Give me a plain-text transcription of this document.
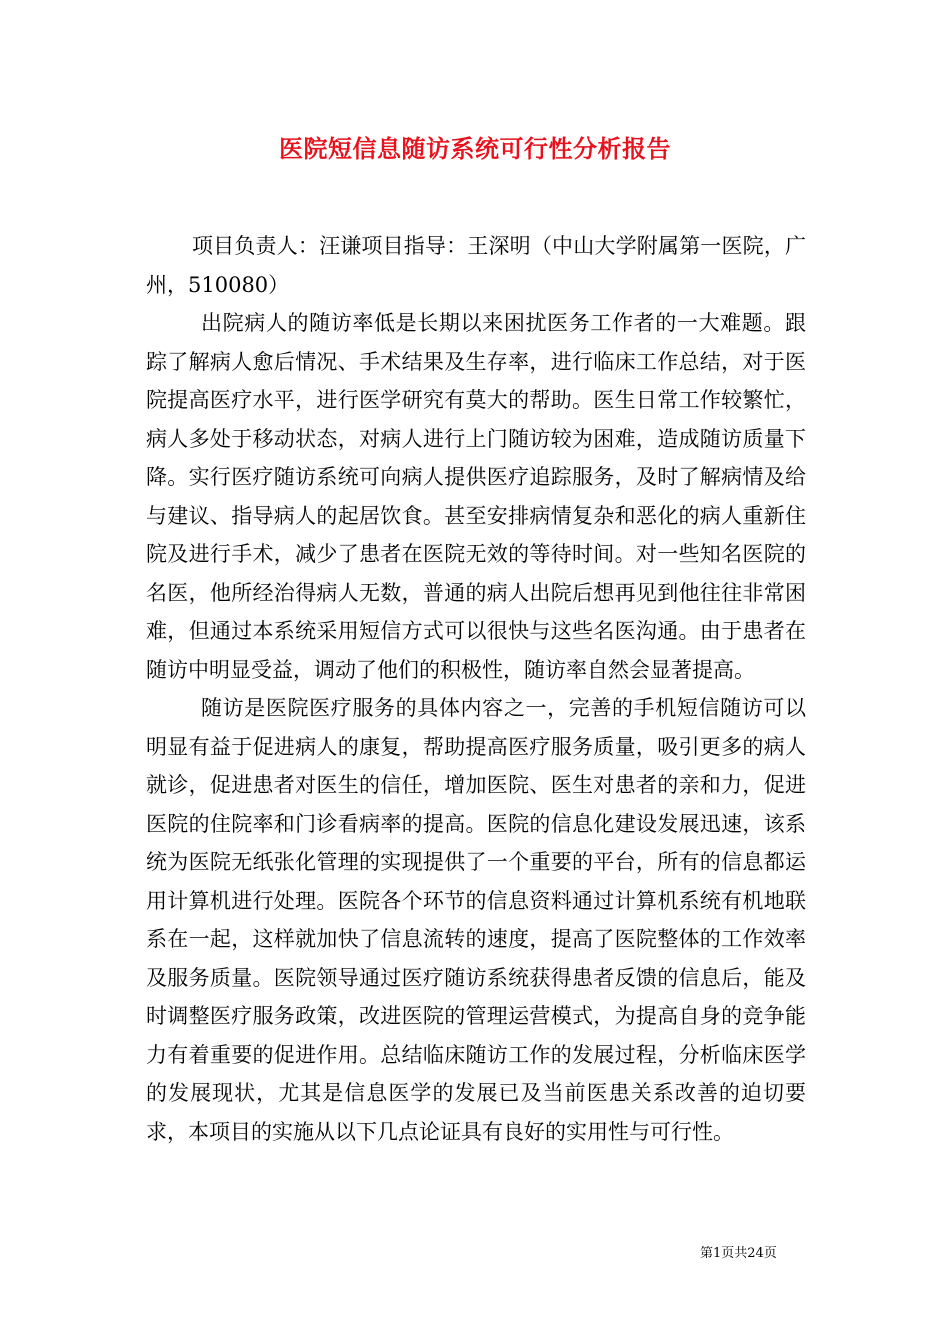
医院短信息随访系统可行性分析报告

项目负责人：汪谦项目指导：王深明（中山大学附属第一医院，广州，510080）

出院病人的随访率低是长期以来困扰医务工作者的一大难题。跟踪了解病人愈后情况、手术结果及生存率，进行临床工作总结，对于医院提高医疗水平，进行医学研究有莫大的帮助。医生日常工作较繁忙，病人多处于移动状态，对病人进行上门随访较为困难，造成随访质量下降。实行医疗随访系统可向病人提供医疗追踪服务，及时了解病情及给与建议、指导病人的起居饮食。甚至安排病情复杂和恶化的病人重新住院及进行手术，减少了患者在医院无效的等待时间。对一些知名医院的名医，他所经治得病人无数，普通的病人出院后想再见到他往往非常困难，但通过本系统采用短信方式可以很快与这些名医沟通。由于患者在随访中明显受益，调动了他们的积极性，随访率自然会显著提高。

随访是医院医疗服务的具体内容之一，完善的手机短信随访可以明显有益于促进病人的康复，帮助提高医疗服务质量，吸引更多的病人就诊，促进患者对医生的信任，增加医院、医生对患者的亲和力，促进医院的住院率和门诊看病率的提高。医院的信息化建设发展迅速，该系统为医院无纸张化管理的实现提供了一个重要的平台，所有的信息都运用计算机进行处理。医院各个环节的信息资料通过计算机系统有机地联系在一起，这样就加快了信息流转的速度，提高了医院整体的工作效率及服务质量。医院领导通过医疗随访系统获得患者反馈的信息后，能及时调整医疗服务政策，改进医院的管理运营模式，为提高自身的竞争能力有着重要的促进作用。总结临床随访工作的发展过程，分析临床医学的发展现状，尤其是信息医学的发展已及当前医患关系改善的迫切要求，本项目的实施从以下几点论证具有良好的实用性与可行性。

第1页共24页
